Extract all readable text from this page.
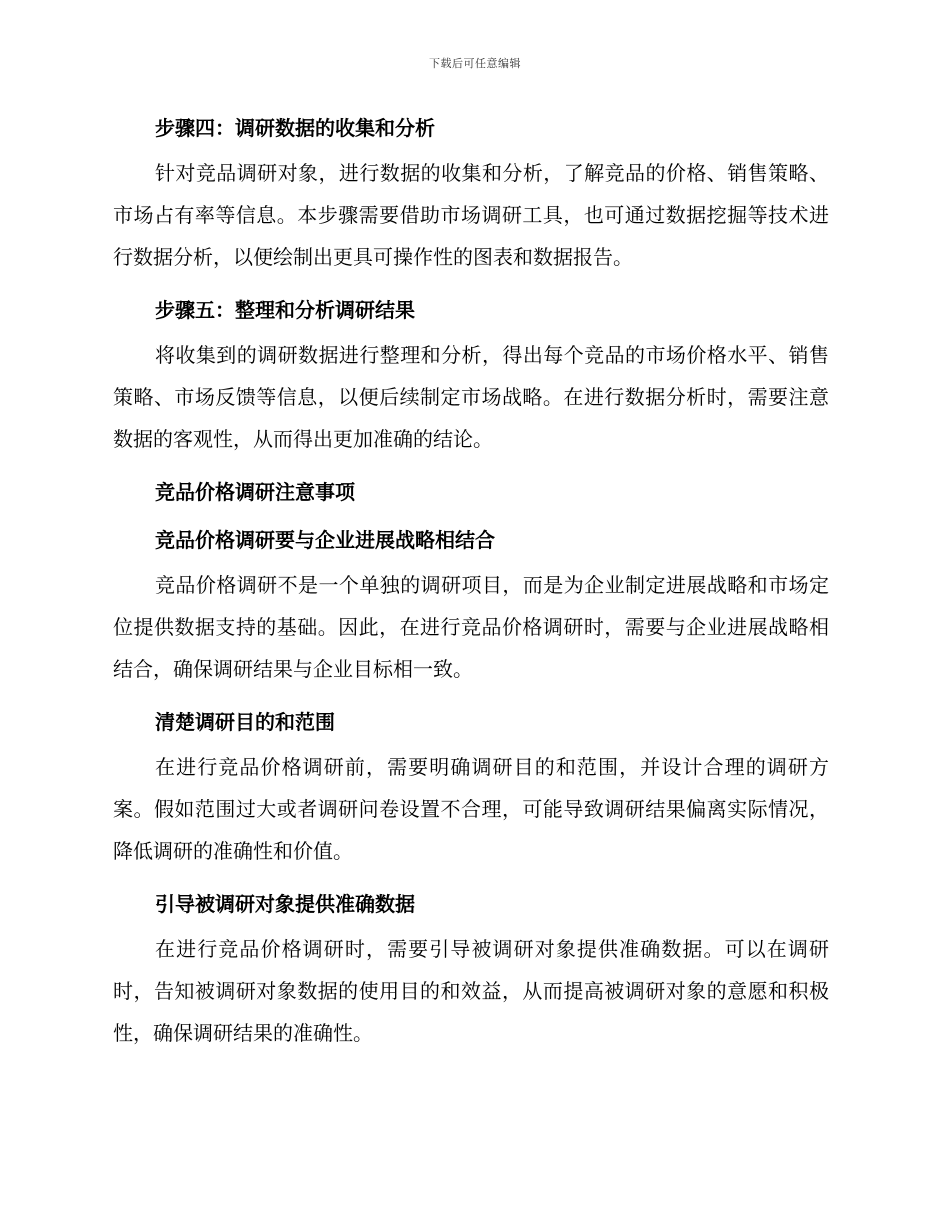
下载后可任意编辑
步骤四：调研数据的收集和分析

针对竞品调研对象，进行数据的收集和分析，了解竞品的价格、销售策略、市场占有率等信息。本步骤需要借助市场调研工具，也可通过数据挖掘等技术进行数据分析，以便绘制出更具可操作性的图表和数据报告。

步骤五：整理和分析调研结果

将收集到的调研数据进行整理和分析，得出每个竞品的市场价格水平、销售策略、市场反馈等信息，以便后续制定市场战略。在进行数据分析时，需要注意数据的客观性，从而得出更加准确的结论。

竞品价格调研注意事项
竞品价格调研要与企业进展战略相结合

竞品价格调研不是一个单独的调研项目，而是为企业制定进展战略和市场定位提供数据支持的基础。因此，在进行竞品价格调研时，需要与企业进展战略相结合，确保调研结果与企业目标相一致。

清楚调研目的和范围

在进行竞品价格调研前，需要明确调研目的和范围，并设计合理的调研方案。假如范围过大或者调研问卷设置不合理，可能导致调研结果偏离实际情况，降低调研的准确性和价值。

引导被调研对象提供准确数据

在进行竞品价格调研时，需要引导被调研对象提供准确数据。可以在调研时，告知被调研对象数据的使用目的和效益，从而提高被调研对象的意愿和积极性，确保调研结果的准确性。
